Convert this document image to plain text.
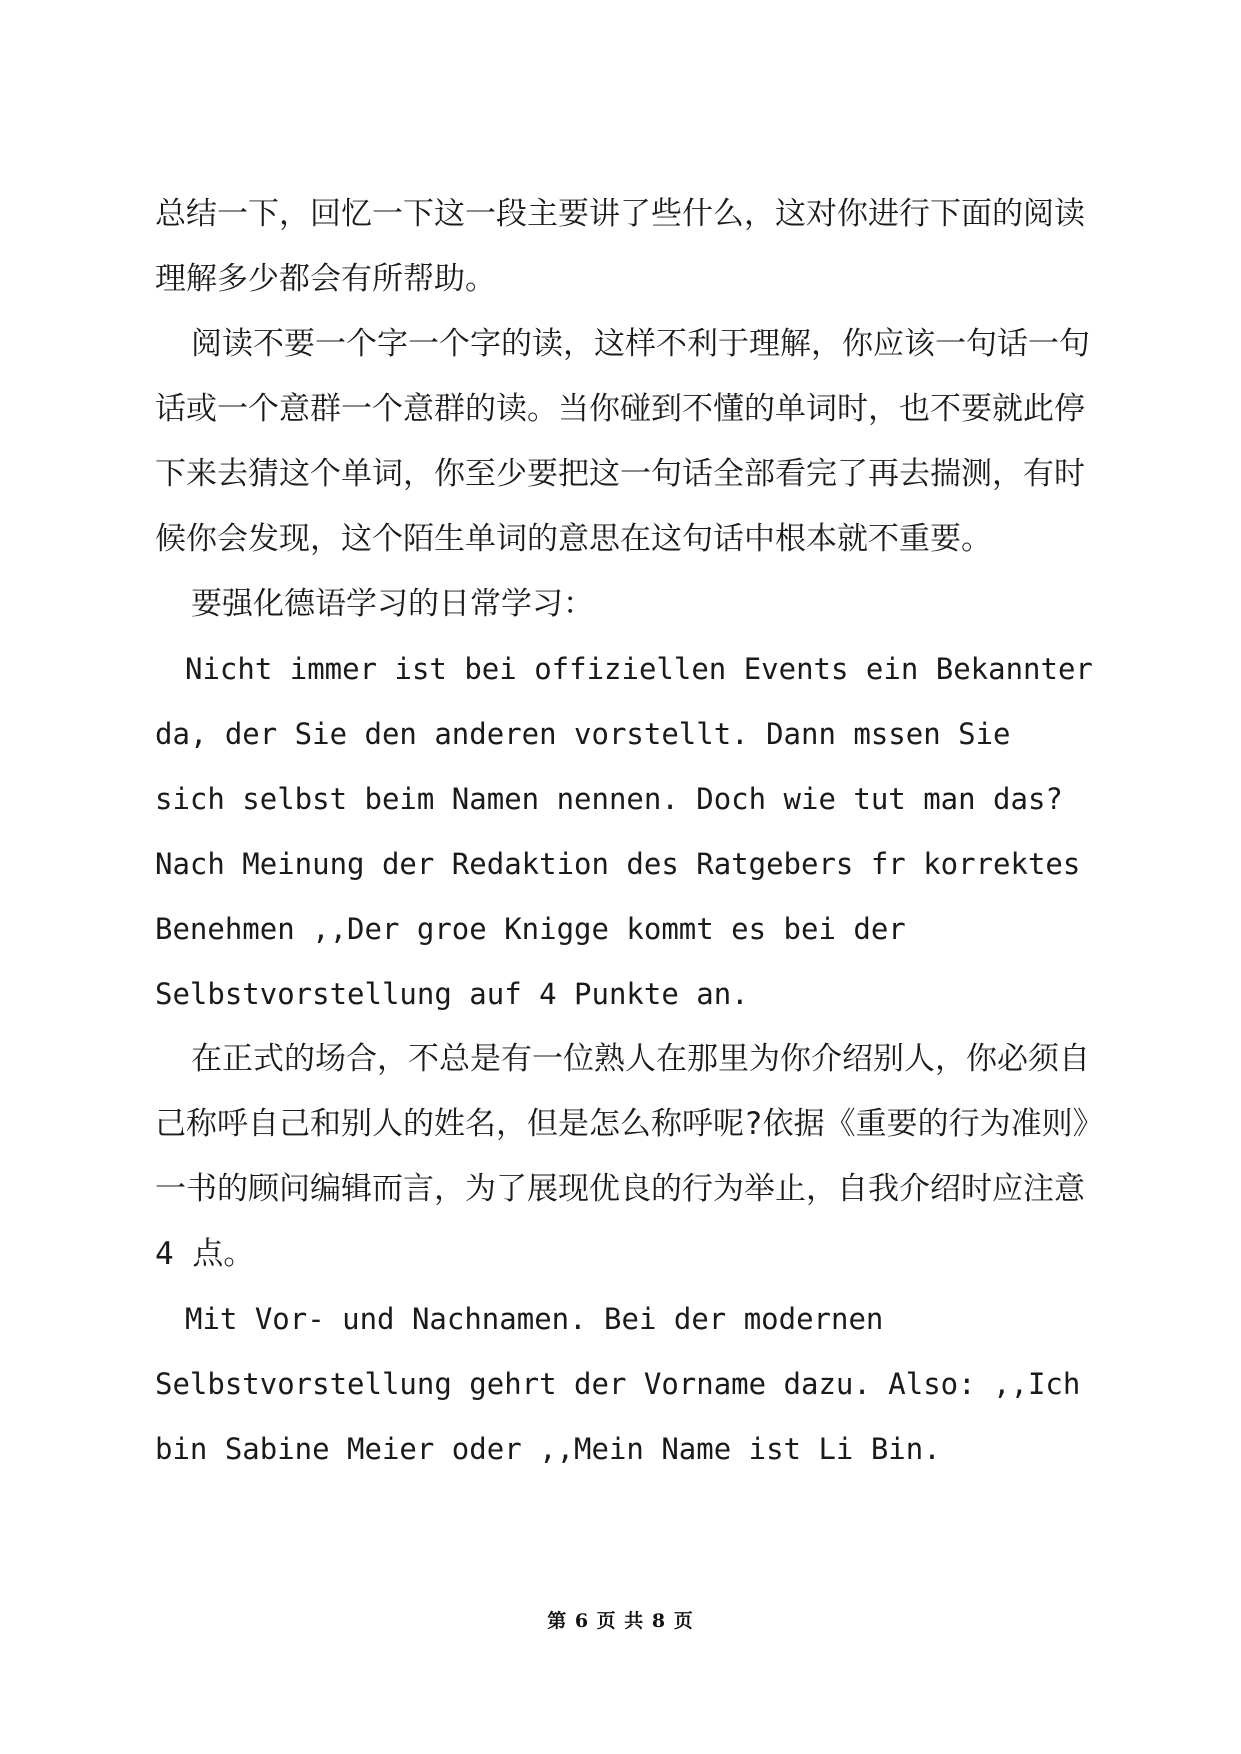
总结一下，回忆一下这一段主要讲了些什么，这对你进行下面的阅读理解多少都会有所帮助。

阅读不要一个字一个字的读，这样不利于理解，你应该一句话一句话或一个意群一个意群的读。当你碰到不懂的单词时，也不要就此停下来去猜这个单词，你至少要把这一句话全部看完了再去揣测，有时候你会发现，这个陌生单词的意思在这句话中根本就不重要。

要强化德语学习的日常学习：

Nicht immer ist bei offiziellen Events ein Bekannter da, der Sie den anderen vorstellt. Dann mssen Sie sich selbst beim Namen nennen. Doch wie tut man das? Nach Meinung der Redaktion des Ratgebers fr korrektes Benehmen ,,Der groe Knigge kommt es bei der Selbstvorstellung auf 4 Punkte an.

在正式的场合，不总是有一位熟人在那里为你介绍别人，你必须自己称呼自己和别人的姓名，但是怎么称呼呢?依据《重要的行为准则》一书的顾问编辑而言，为了展现优良的行为举止，自我介绍时应注意 4 点。

Mit Vor- und Nachnamen. Bei der modernen Selbstvorstellung gehrt der Vorname dazu. Also: ,,Ich bin Sabine Meier oder ,,Mein Name ist Li Bin.

第 6 页 共 8 页
